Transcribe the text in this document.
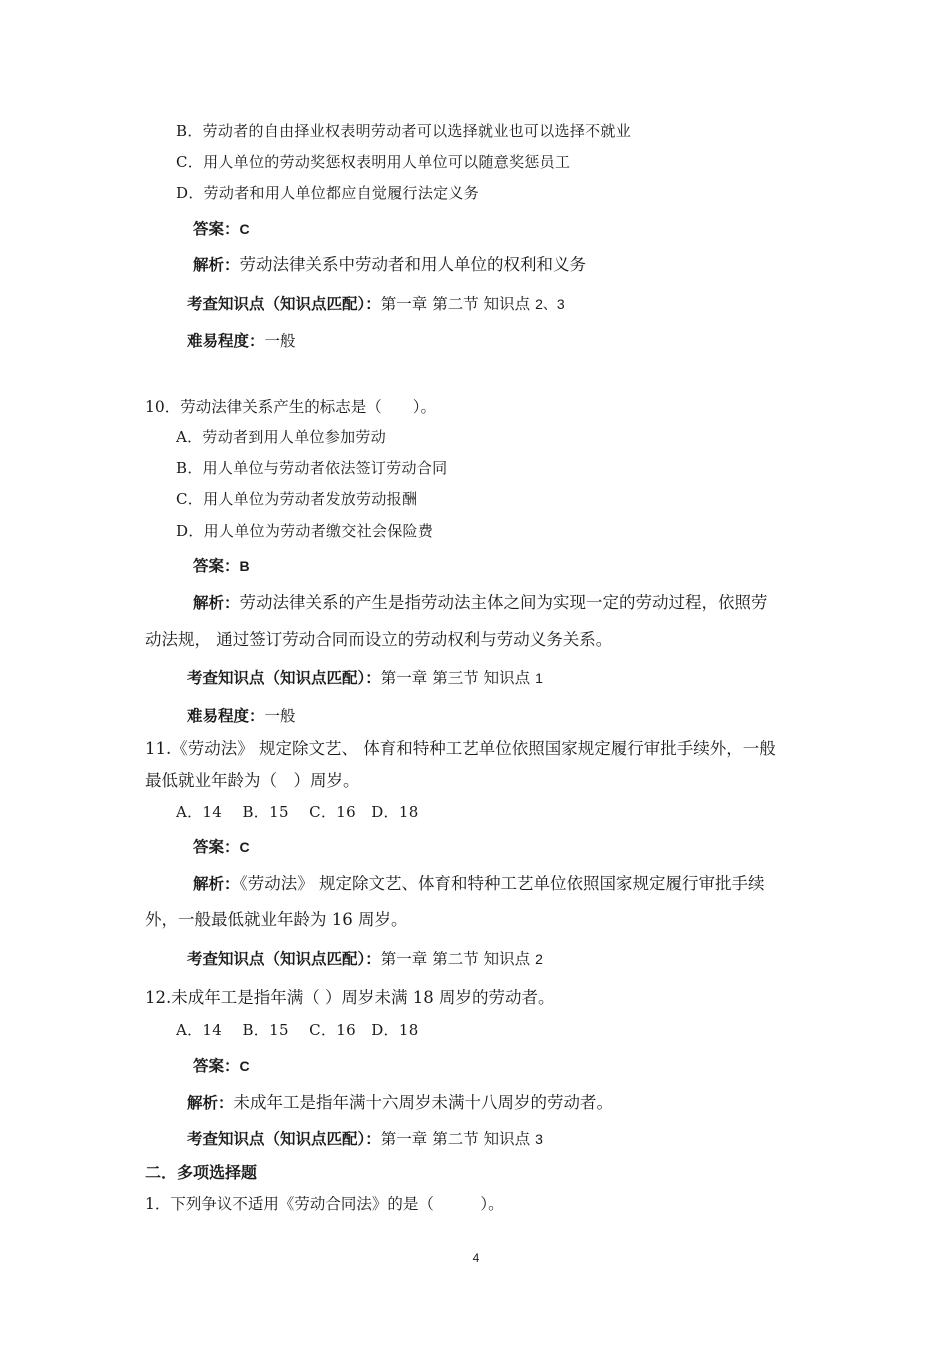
B．劳动者的自由择业权表明劳动者可以选择就业也可以选择不就业
C．用人单位的劳动奖惩权表明用人单位可以随意奖惩员工
D．劳动者和用人单位都应自觉履行法定义务
答案：C
解析：劳动法律关系中劳动者和用人单位的权利和义务
考查知识点（知识点匹配）：第一章 第二节 知识点 2、3
难易程度：一般
10．劳动法律关系产生的标志是（　　）。
A．劳动者到用人单位参加劳动
B．用人单位与劳动者依法签订劳动合同
C．用人单位为劳动者发放劳动报酬
D．用人单位为劳动者缴交社会保险费
答案：B
解析：劳动法律关系的产生是指劳动法主体之间为实现一定的劳动过程，依照劳
动法规， 通过签订劳动合同而设立的劳动权利与劳动义务关系。
考查知识点（知识点匹配）：第一章 第三节 知识点 1
难易程度：一般
11.《劳动法》 规定除文艺、 体育和特种工艺单位依照国家规定履行审批手续外，一般
最低就业年龄为（　）周岁。
A．14　 B．15　 C．16　D．18
答案：C
解析：《劳动法》 规定除文艺、体育和特种工艺单位依照国家规定履行审批手续
外，一般最低就业年龄为 16 周岁。
考查知识点（知识点匹配）：第一章 第二节 知识点 2
12.未成年工是指年满（ ）周岁未满 18 周岁的劳动者。
A．14　 B．15　 C．16　D．18
答案：C
解析：未成年工是指年满十六周岁未满十八周岁的劳动者。
考查知识点（知识点匹配）：第一章 第二节 知识点 3
二．多项选择题
1．下列争议不适用《劳动合同法》的是（　　　）。
4
